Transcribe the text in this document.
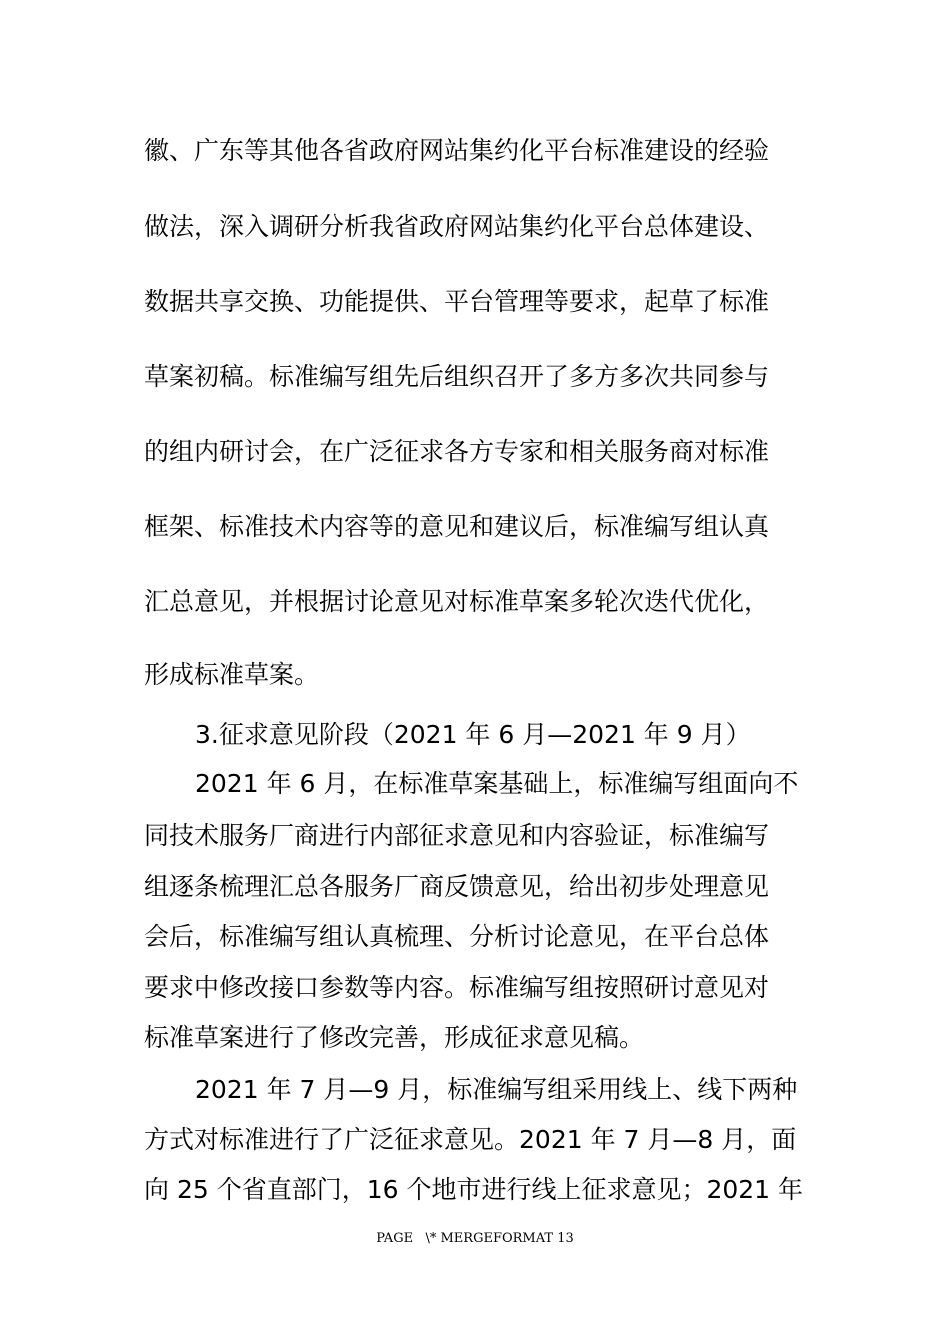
徽、广东等其他各省政府网站集约化平台标准建设的经验

做法，深入调研分析我省政府网站集约化平台总体建设、

数据共享交换、功能提供、平台管理等要求，起草了标准

草案初稿。标准编写组先后组织召开了多方多次共同参与

的组内研讨会，在广泛征求各方专家和相关服务商对标准

框架、标准技术内容等的意见和建议后，标准编写组认真

汇总意见，并根据讨论意见对标准草案多轮次迭代优化，

形成标准草案。

3.征求意见阶段（2021 年 6 月—2021 年 9 月）

2021 年 6 月，在标准草案基础上，标准编写组面向不

同技术服务厂商进行内部征求意见和内容验证，标准编写

组逐条梳理汇总各服务厂商反馈意见，给出初步处理意见

会后，标准编写组认真梳理、分析讨论意见，在平台总体

要求中修改接口参数等内容。标准编写组按照研讨意见对

标准草案进行了修改完善，形成征求意见稿。

2021 年 7 月—9 月，标准编写组采用线上、线下两种

方式对标准进行了广泛征求意见。2021 年 7 月—8 月，面

向 25 个省直部门，16 个地市进行线上征求意见；2021 年

PAGE   \* MERGEFORMAT 13
